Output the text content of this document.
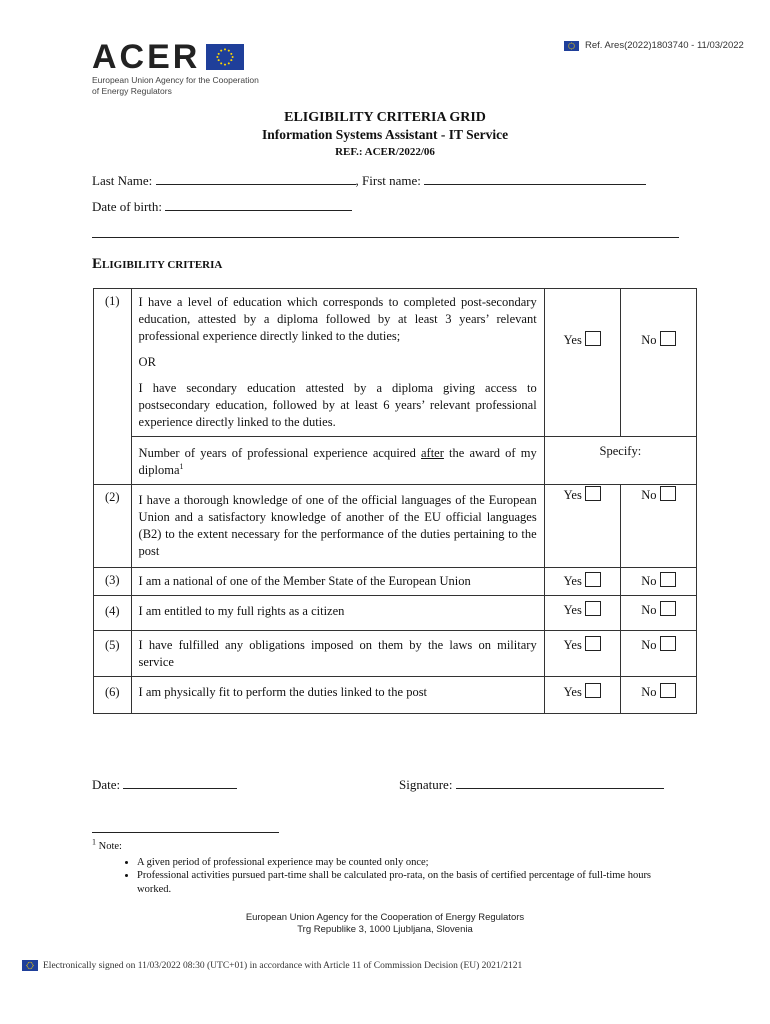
Ref. Ares(2022)1803740 - 11/03/2022
ACER
European Union Agency for the Cooperation
of Energy Regulators
ELIGIBILITY CRITERIA GRID
Information Systems Assistant - IT Service
REF.: ACER/2022/06
Last Name:	, First name:
Date of birth:
ELIGIBILITY CRITERIA
(1)	I have a level of education which corresponds to completed post-secondary education, attested by a diploma followed by at least 3 years’ relevant professional experience directly linked to the duties;

OR

I have secondary education attested by a diploma giving access to postsecondary education, followed by at least 6 years’ relevant professional experience directly linked to the duties.	Yes	No
	Number of years of professional experience acquired after the award of my diploma$^1$	Specify:	
(2)	I have a thorough knowledge of one of the official languages of the European Union and a satisfactory knowledge of another of the EU official languages (B2) to the extent necessary for the performance of the duties pertaining to the post	Yes	No
(3)	I am a national of one of the Member State of the European Union	Yes	No
(4)	I am entitled to my full rights as a citizen	Yes	No
(5)	I have fulfilled any obligations imposed on them by the laws on military service	Yes	No
(6)	I am physically fit to perform the duties linked to the post	Yes	No
Date:	Signature:
$^1$ Note:
• A given period of professional experience may be counted only once;
• Professional activities pursued part-time shall be calculated pro-rata, on the basis of certified percentage of full-time hours worked.
European Union Agency for the Cooperation of Energy Regulators
Trg Republike 3, 1000 Ljubljana, Slovenia
Electronically signed on 11/03/2022 08:30 (UTC+01) in accordance with Article 11 of Commission Decision (EU) 2021/2121
